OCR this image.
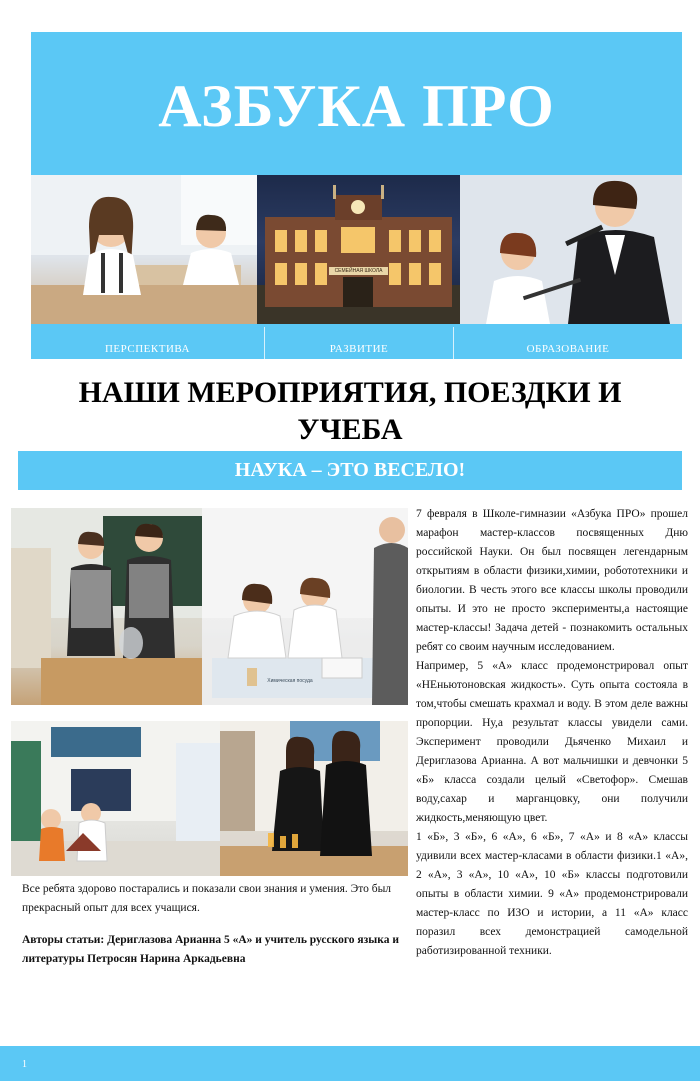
АЗБУКА ПРО
СЕМЕЙНАЯ ШКОЛА
ПЕРСПЕКТИВА	РАЗВИТИЕ	ОБРАЗОВАНИЕ
НАШИ МЕРОПРИЯТИЯ, ПОЕЗДКИ И УЧЕБА
НАУКА – ЭТО ВЕСЕЛО!
Химическая посуда
Все ребята здорово постарались и показали свои знания и умения. Это был прекрасный опыт для всех учащися.
Авторы статьи: Дериглазова Арианна 5 «А» и учитель русского языка и литературы Петросян Нарина Аркадьевна

7 февраля в Школе-гимназии «Азбука ПРО» прошел марафон мастер-классов посвященных Дню российской Науки. Он был посвящен легендарным открытиям в области физики,химии, робототехники и биологии. В честь этого все классы школы проводили опыты. И это не просто эксперименты,а настоящие мастер-классы! Задача детей - познакомить остальных ребят со своим научным исследованием.

Например, 5 «А» класс продемонстрировал опыт «НЕньютоновская жидкость». Суть опыта состояла в том,чтобы смешать крахмал и воду. В этом деле важны пропорции. Ну,а результат классы увидели сами. Эксперимент проводили Дьяченко Михаил и Дериглазова Арианна. А вот мальчишки и девчонки 5 «Б» класса создали целый «Светофор». Смешав воду,сахар и марганцовку, они получили жидкость,меняющую цвет.

1 «Б», 3 «Б», 6 «А», 6 «Б», 7 «А» и 8 «А» классы удивили всех мастер-класами в области физики.1 «А», 2 «А», 3 «А», 10 «А», 10 «Б» классы подготовили опыты в области химии. 9 «А» продемонстрировали мастер-класс по ИЗО и истории, а 11 «А» класс поразил всех демонстрацией самодельной работизированной техники.

1
